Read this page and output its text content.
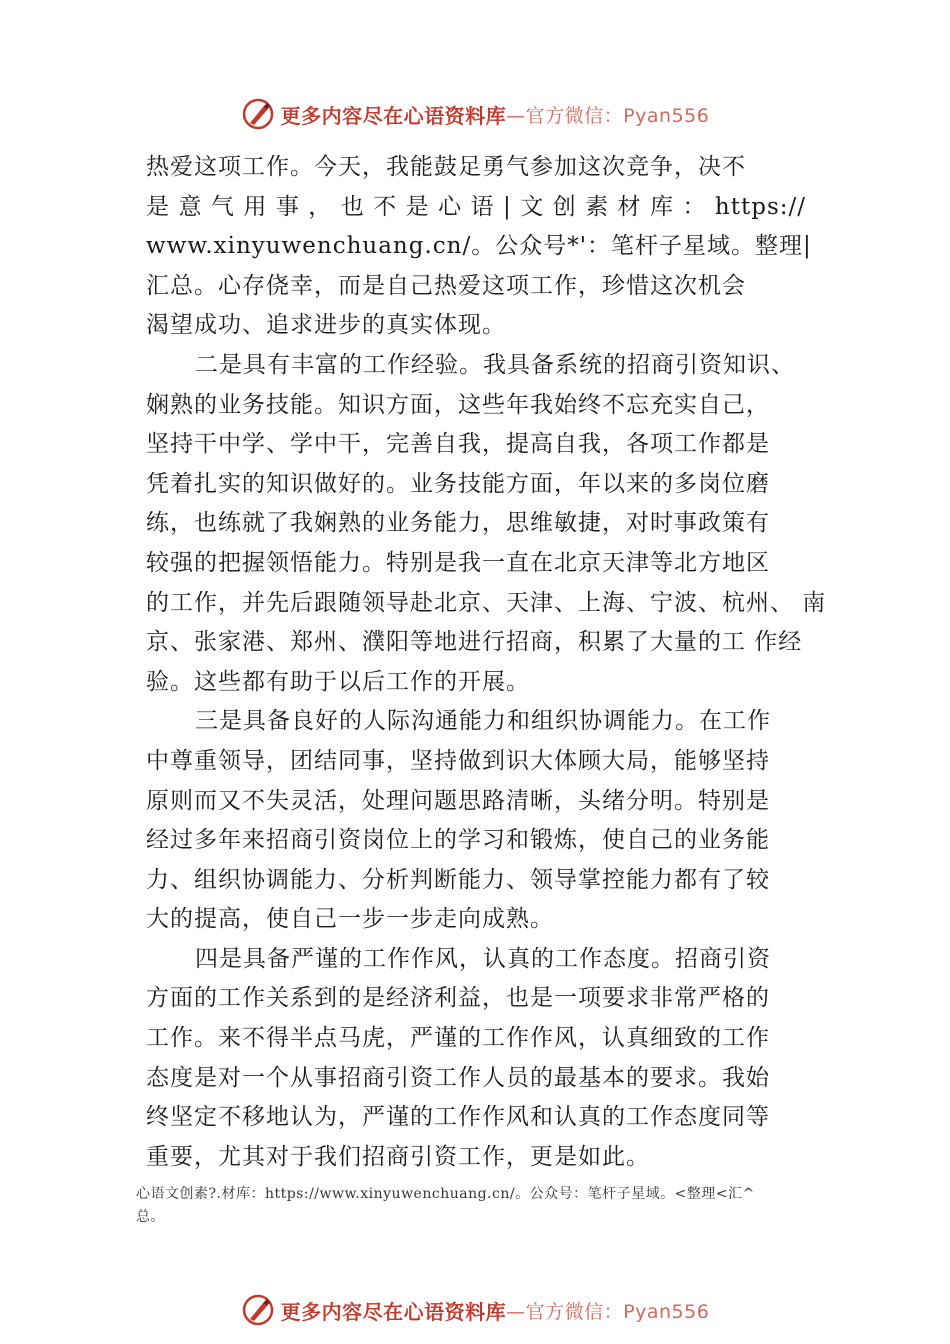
更多内容尽在心语资料库 —官方微信：Pyan556
热爱这项工作。今天，我能鼓足勇气参加这次竞争，决不
是意气用事，也不是心语|文创素材库：https://
www.xinyuwenchuang.cn/。公众号*'：笔杆子星域。整理|
汇总。心存侥幸，而是自己热爱这项工作，珍惜这次机会
渴望成功、追求进步的真实体现。
二是具有丰富的工作经验。我具备系统的招商引资知识、
娴熟的业务技能。知识方面，这些年我始终不忘充实自己，
坚持干中学、学中干，完善自我，提高自我，各项工作都是
凭着扎实的知识做好的。业务技能方面，年以来的多岗位磨
练，也练就了我娴熟的业务能力，思维敏捷，对时事政策有
较强的把握领悟能力。特别是我一直在北京天津等北方地区
的工作，并先后跟随领导赴北京、天津、上海、宁波、杭州、 南
京、张家港、郑州、濮阳等地进行招商，积累了大量的工 作经
验。这些都有助于以后工作的开展。
三是具备良好的人际沟通能力和组织协调能力。在工作
中尊重领导，团结同事，坚持做到识大体顾大局，能够坚持
原则而又不失灵活，处理问题思路清晰，头绪分明。特别是
经过多年来招商引资岗位上的学习和锻炼，使自己的业务能
力、组织协调能力、分析判断能力、领导掌控能力都有了较
大的提高，使自己一步一步走向成熟。
四是具备严谨的工作作风，认真的工作态度。招商引资
方面的工作关系到的是经济利益，也是一项要求非常严格的
工作。来不得半点马虎，严谨的工作作风，认真细致的工作
态度是对一个从事招商引资工作人员的最基本的要求。我始
终坚定不移地认为，严谨的工作作风和认真的工作态度同等
重要，尤其对于我们招商引资工作，更是如此。
心语文创素?.材库：https://www.xinyuwenchuang.cn/。公众号：笔杆子星域。<整理<汇^
总。
更多内容尽在心语资料库 —官方微信：Pyan556
